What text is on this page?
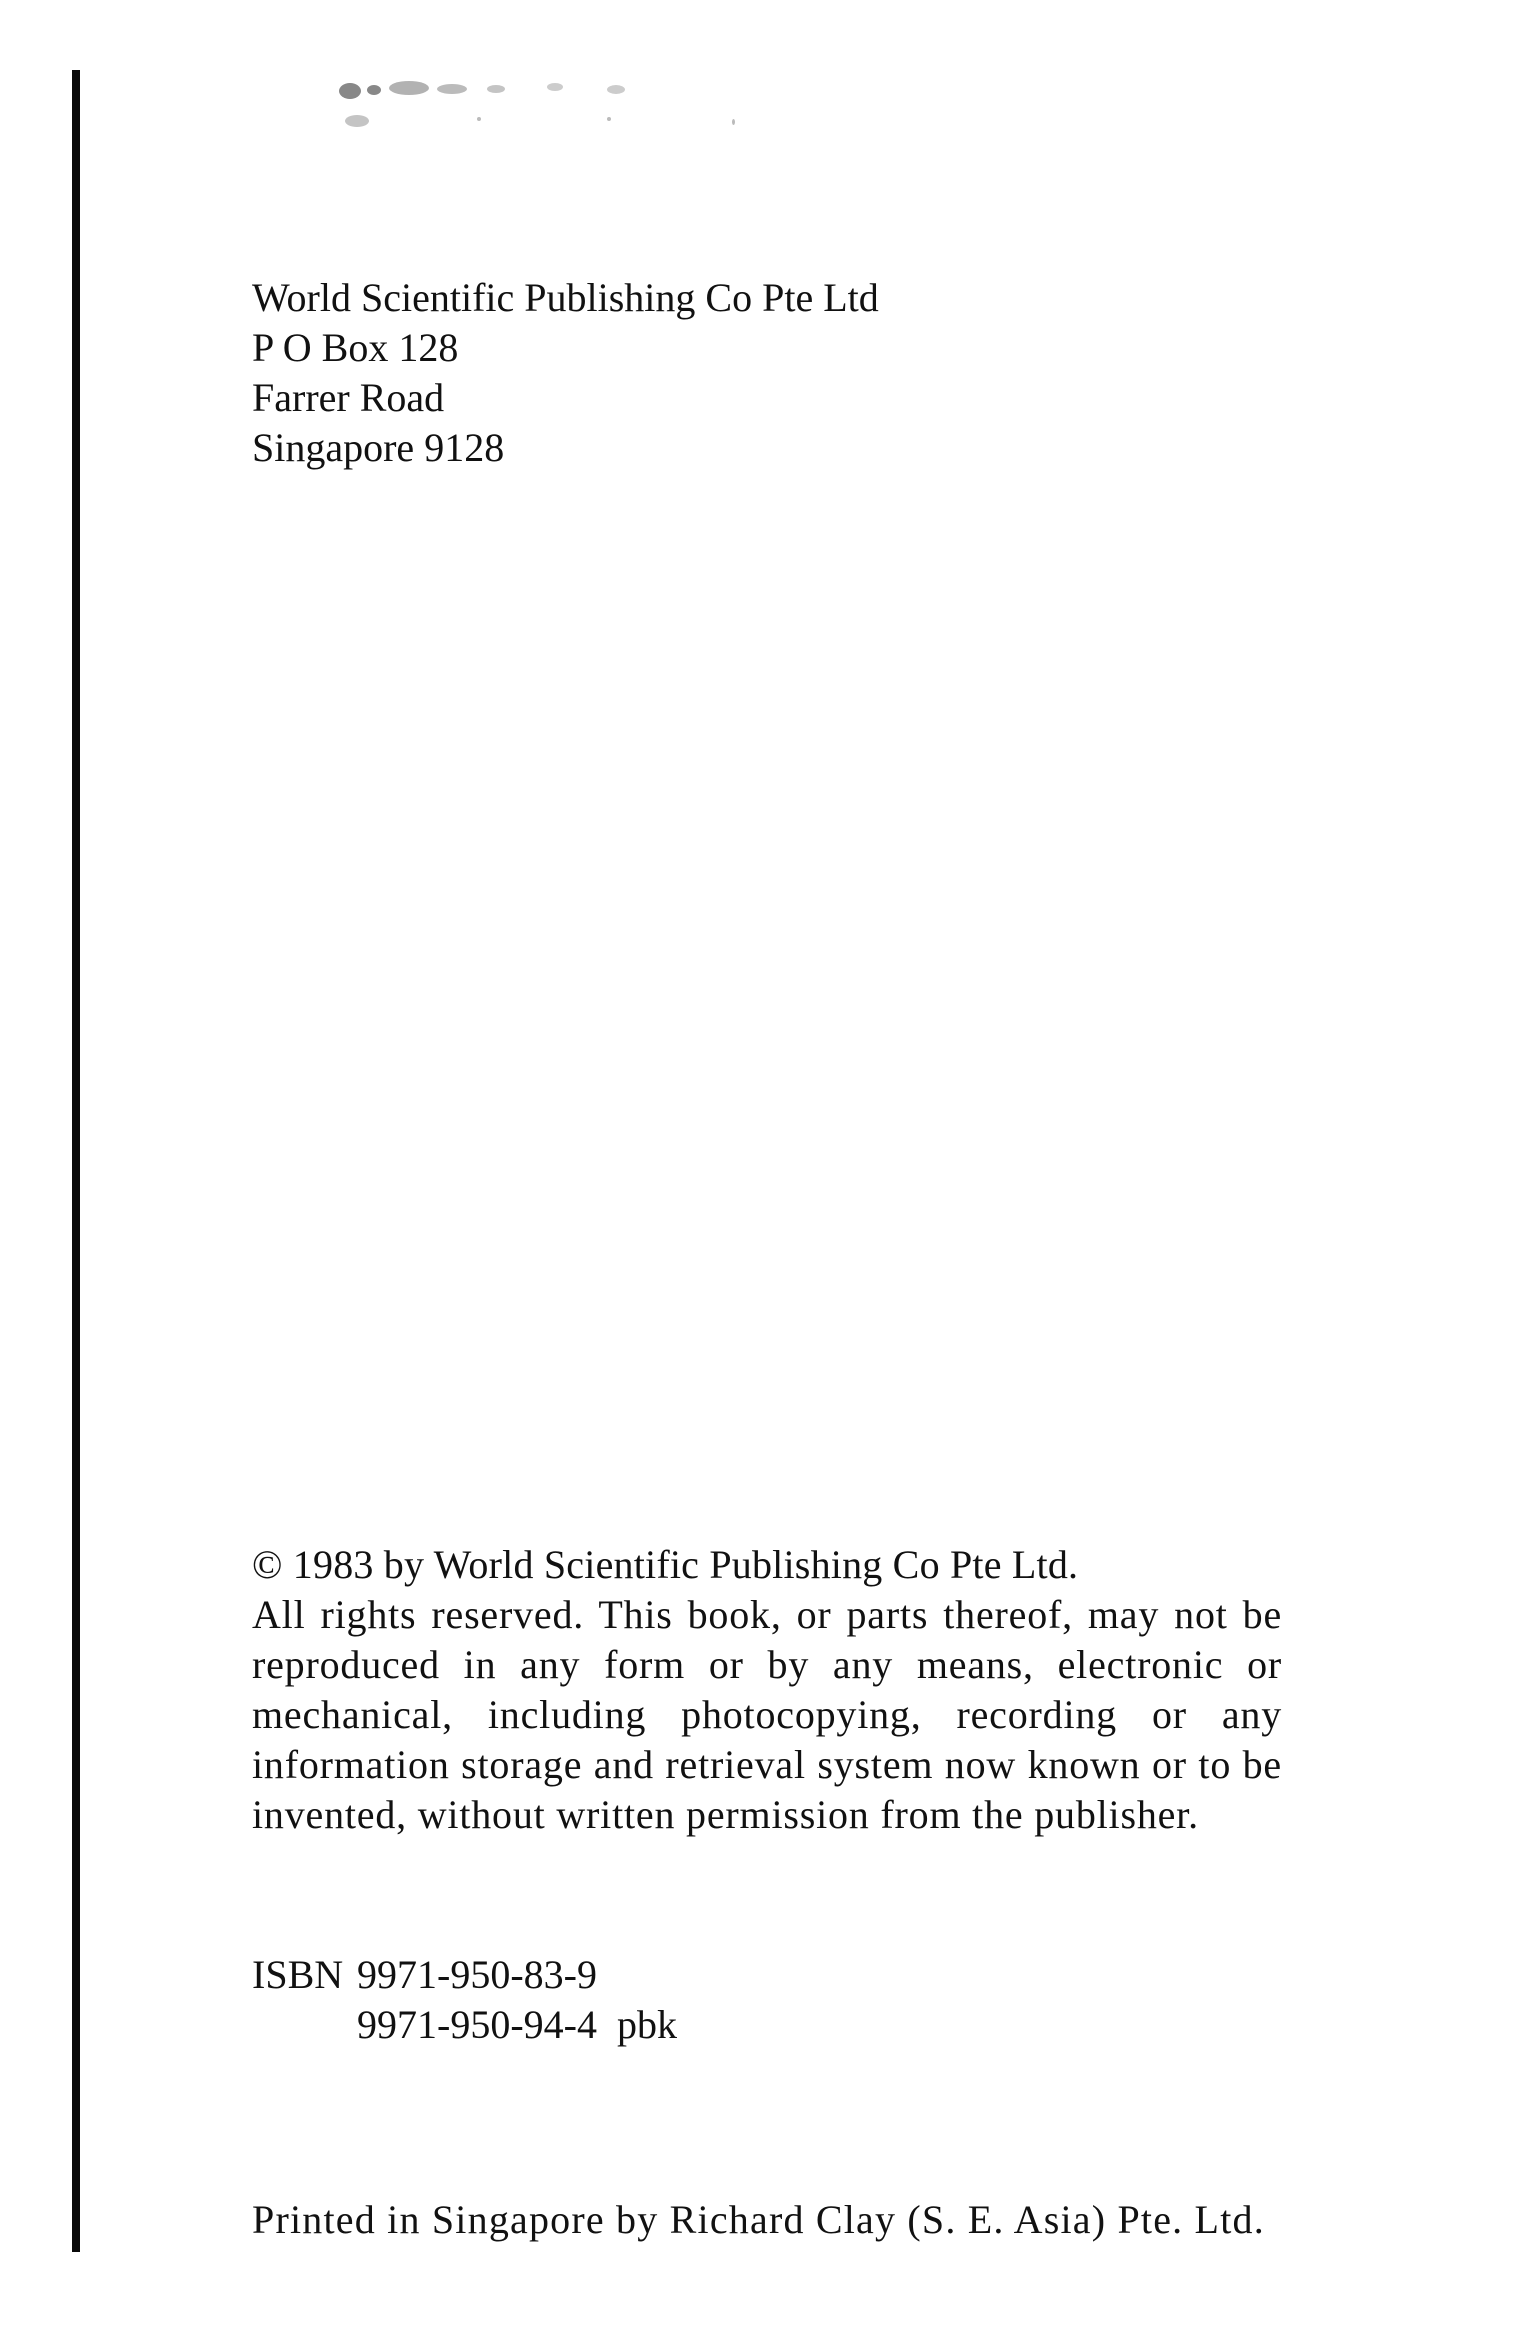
World Scientific Publishing Co Pte Ltd
P O Box 128
Farrer Road
Singapore 9128
© 1983 by World Scientific Publishing Co Pte Ltd.
All rights reserved. This book, or parts thereof, may not be reproduced in any form or by any means, electronic or mechanical, including photocopying, recording or any information storage and retrieval system now known or to be invented, without written permission from the publisher.
ISBN 9971-950-83-9
9971-950-94-4  pbk
Printed in Singapore by Richard Clay (S. E. Asia) Pte. Ltd.
